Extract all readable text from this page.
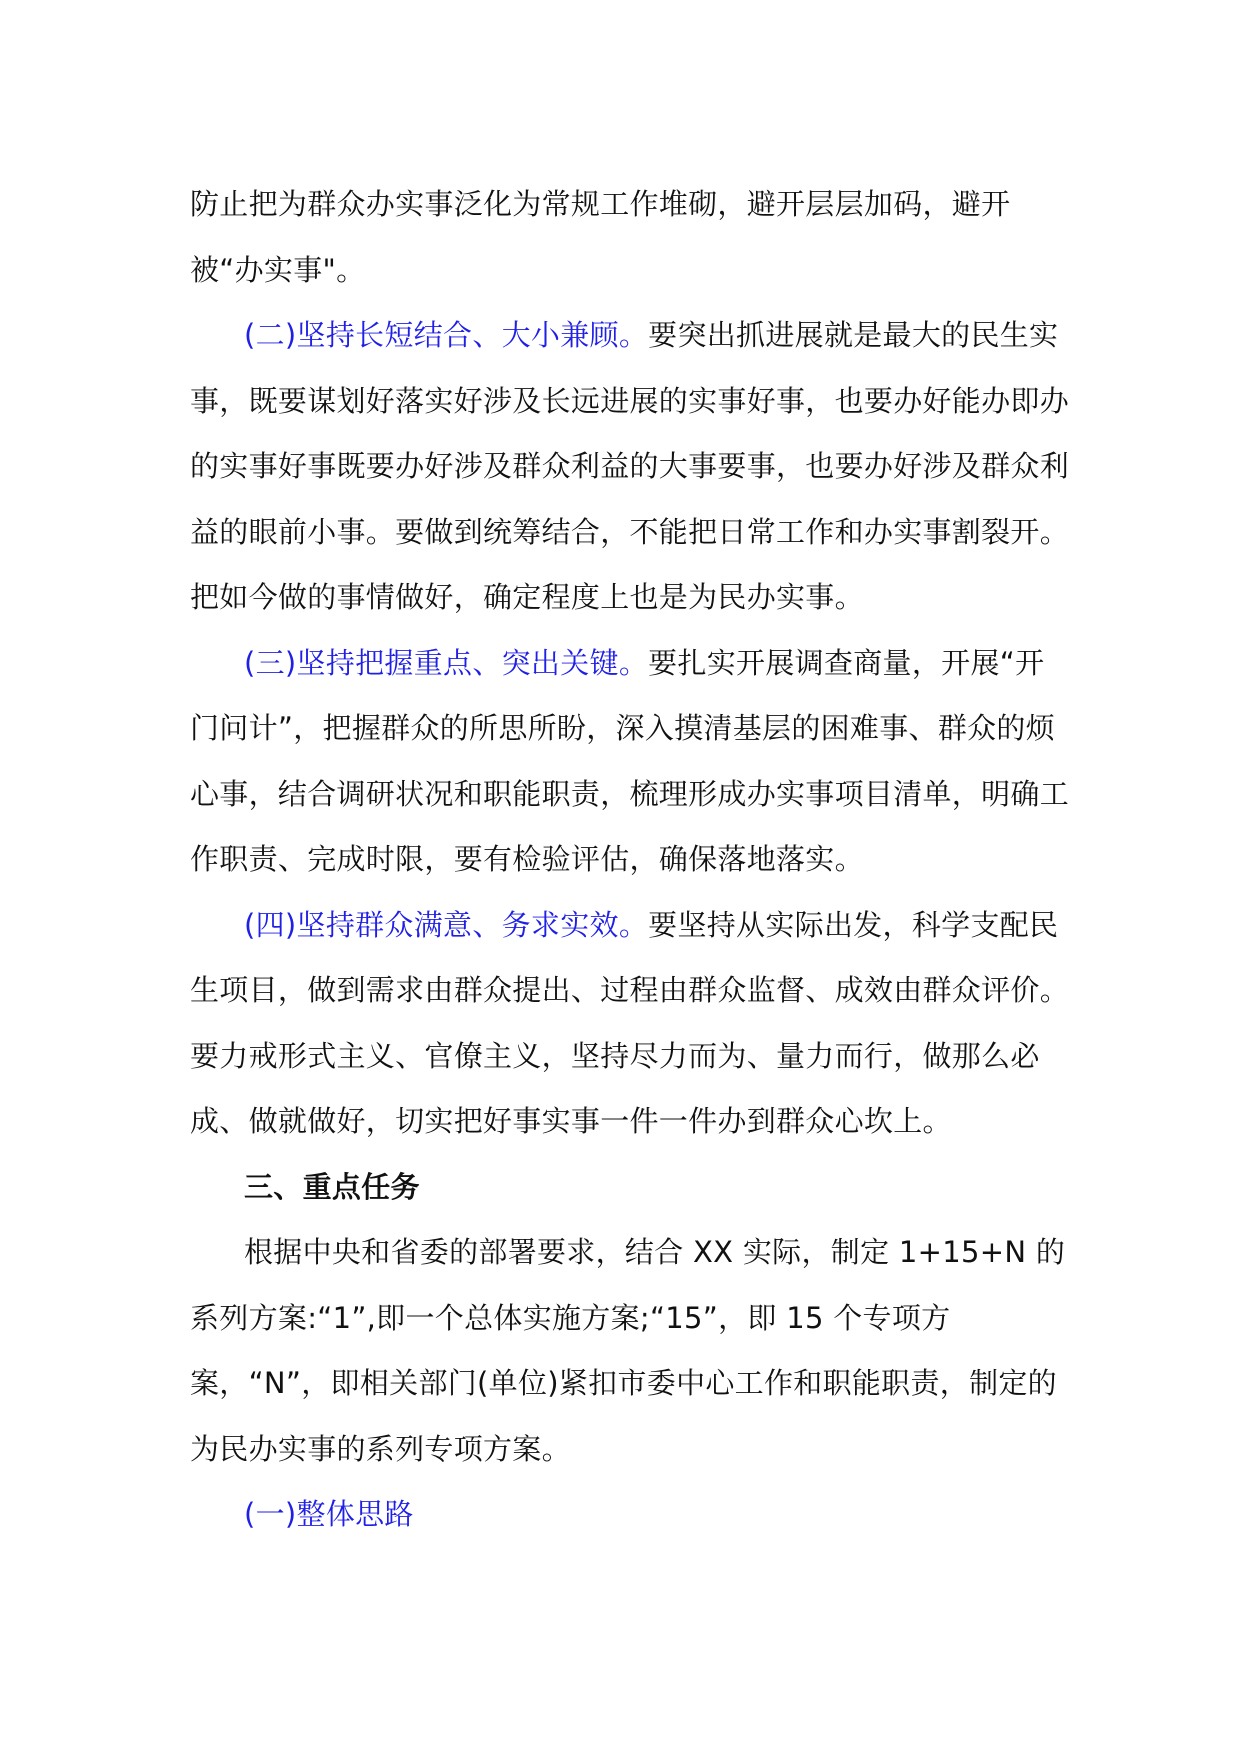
防止把为群众办实事泛化为常规工作堆砌，避开层层加码，避开被“办实事"。

(二)坚持长短结合、大小兼顾。要突出抓进展就是最大的民生实事，既要谋划好落实好涉及长远进展的实事好事，也要办好能办即办的实事好事既要办好涉及群众利益的大事要事，也要办好涉及群众利益的眼前小事。要做到统筹结合，不能把日常工作和办实事割裂开。把如今做的事情做好，确定程度上也是为民办实事。

(三)坚持把握重点、突出关键。要扎实开展调查商量，开展“开门问计”，把握群众的所思所盼，深入摸清基层的困难事、群众的烦心事，结合调研状况和职能职责，梳理形成办实事项目清单，明确工作职责、完成时限，要有检验评估，确保落地落实。

(四)坚持群众满意、务求实效。要坚持从实际出发，科学支配民生项目，做到需求由群众提出、过程由群众监督、成效由群众评价。要力戒形式主义、官僚主义，坚持尽力而为、量力而行，做那么必成、做就做好，切实把好事实事一件一件办到群众心坎上。

三、重点任务

根据中央和省委的部署要求，结合 XX 实际，制定 1+15+N 的系列方案:“1”,即一个总体实施方案;“15”，即 15 个专项方案，“N”，即相关部门(单位)紧扣市委中心工作和职能职责，制定的为民办实事的系列专项方案。

(一)整体思路
